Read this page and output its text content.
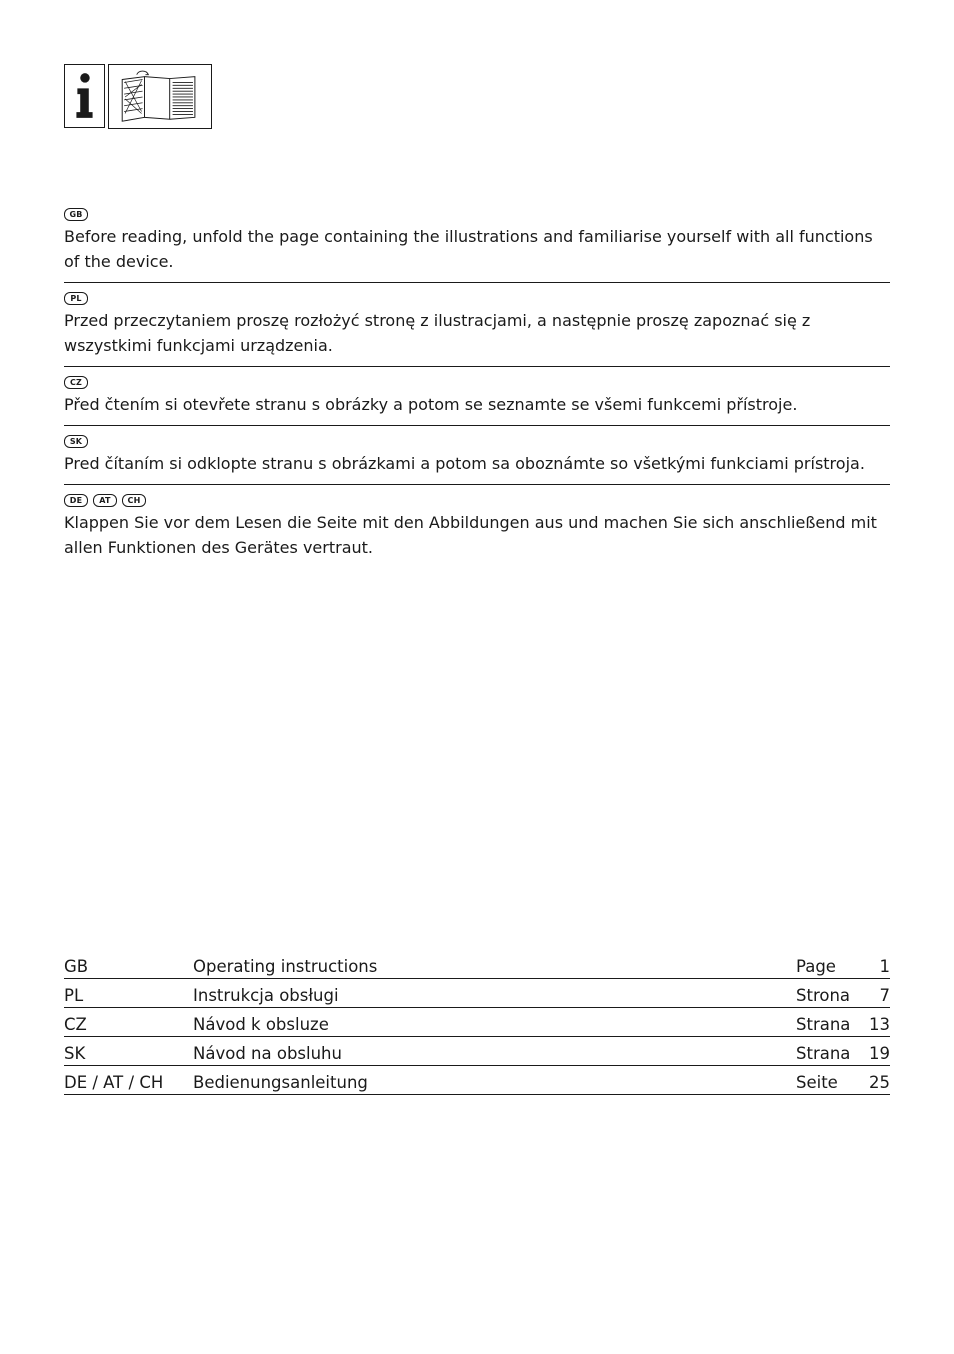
GB

Before reading, unfold the page containing the illustrations and familiarise yourself with all functions of the device.

PL

Przed przeczytaniem proszę rozłożyć stronę z ilustracjami, a następnie proszę zapoznać się z wszystkimi funkcjami urządzenia.

CZ

Před čtením si otevřete stranu s obrázky a potom se seznamte se všemi funkcemi přístroje.

SK

Pred čítaním si odklopte stranu s obrázkami a potom sa oboznámte so všetkými funkciami prístroja.

DE	AT	CH

Klappen Sie vor dem Lesen die Seite mit den Abbildungen aus und machen Sie sich anschließend mit allen Funktionen des Gerätes vertraut.

GB	Operating instructions	Page	1
PL	Instrukcja obsługi	Strona	7
CZ	Návod k obsluze	Strana	13
SK	Návod na obsluhu	Strana	19
DE / AT / CH	Bedienungsanleitung	Seite	25
